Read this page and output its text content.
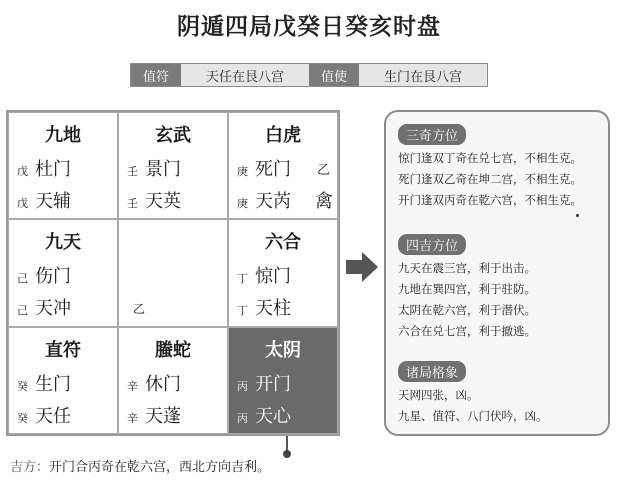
阴遁四局戊癸日癸亥时盘
值符	天任在艮八宫	值使	生门在艮八宫
九地
戊 杜门
戊 天辅
玄武
壬 景门
壬 天英
白虎
庚 死门 乙
庚 天芮 禽
九天
己 伤门
己 天冲	乙
六合
丁 惊门
丁 天柱
直符
癸 生门
癸 天任
螣蛇
辛 休门
辛 天蓬
太阴
丙 开门
丙 天心
三奇方位
惊门逢双丁奇在兑七宫，不相生克。
死门逢双乙奇在坤二宫，不相生克。
开门逢双丙奇在乾六宫，不相生克。
四吉方位
九天在震三宫，利于出击。
九地在巽四宫，利于驻防。
太阴在乾六宫，利于潜伏。
六合在兑七宫，利于撤逃。
诸局格象
天网四张，凶。
九星、值符、八门伏吟，凶。
吉方：开门合丙奇在乾六宫，西北方向吉利。
